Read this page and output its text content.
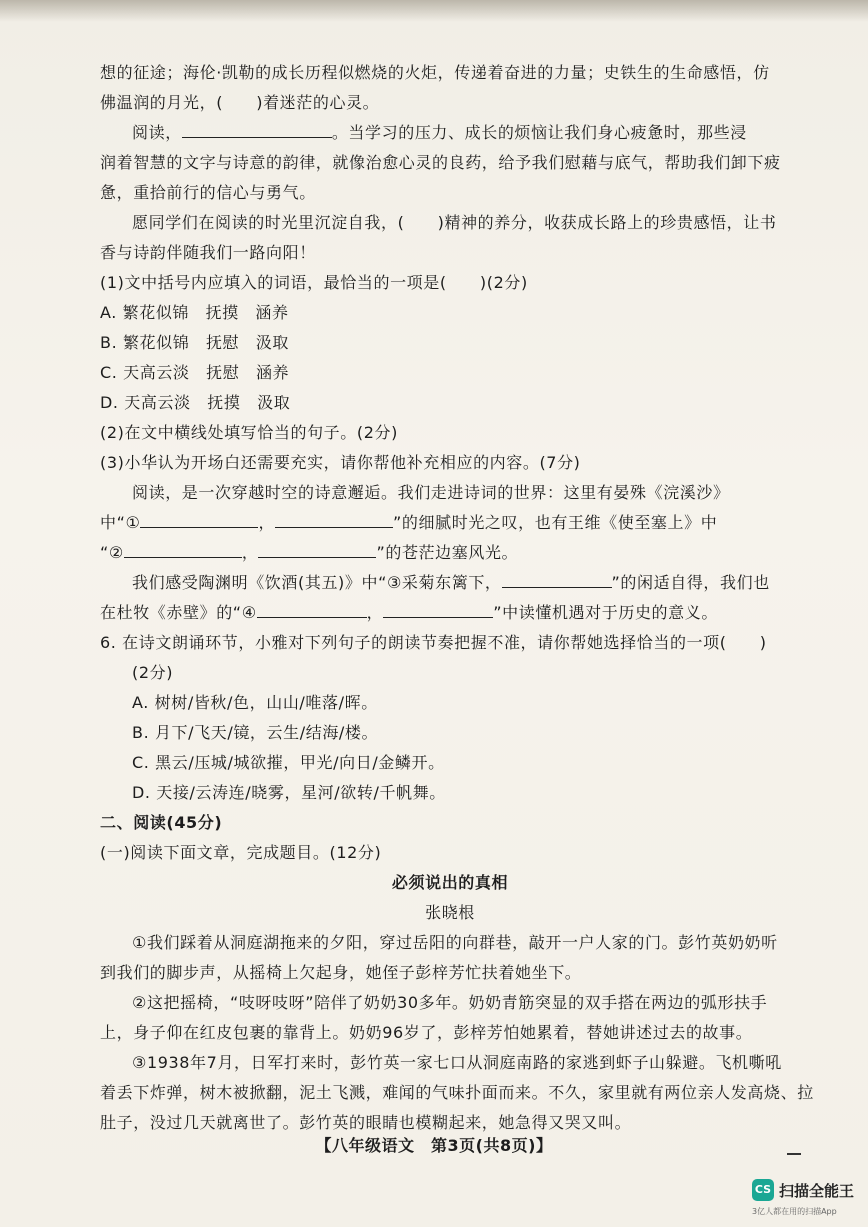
想的征途；海伦·凯勒的成长历程似燃烧的火炬，传递着奋进的力量；史铁生的生命感悟，仿
佛温润的月光，(　　)着迷茫的心灵。
阅读，	。当学习的压力、成长的烦恼让我们身心疲惫时，那些浸
润着智慧的文字与诗意的韵律，就像治愈心灵的良药，给予我们慰藉与底气，帮助我们卸下疲
惫，重拾前行的信心与勇气。
愿同学们在阅读的时光里沉淀自我，(　　)精神的养分，收获成长路上的珍贵感悟，让书
香与诗韵伴随我们一路向阳！
(1)文中括号内应填入的词语，最恰当的一项是(　　)(2分)
A. 繁花似锦　抚摸　涵养
B. 繁花似锦　抚慰　汲取
C. 天高云淡　抚慰　涵养
D. 天高云淡　抚摸　汲取
(2)在文中横线处填写恰当的句子。(2分)
(3)小华认为开场白还需要充实，请你帮他补充相应的内容。(7分)
阅读，是一次穿越时空的诗意邂逅。我们走进诗词的世界：这里有晏殊《浣溪沙》
中“①	，	”的细腻时光之叹，也有王维《使至塞上》中
“②	，	”的苍茫边塞风光。
我们感受陶渊明《饮酒(其五)》中“③采菊东篱下，	”的闲适自得，我们也
在杜牧《赤壁》的“④	，	”中读懂机遇对于历史的意义。
6. 在诗文朗诵环节，小雅对下列句子的朗读节奏把握不准，请你帮她选择恰当的一项(　　)
(2分)
A. 树树/皆秋/色，山山/唯落/晖。
B. 月下/飞天/镜，云生/结海/楼。
C. 黑云/压城/城欲摧，甲光/向日/金鳞开。
D. 天接/云涛连/晓雾，星河/欲转/千帆舞。
二、阅读(45分)
(一)阅读下面文章，完成题目。(12分)
必须说出的真相
张晓根
①我们踩着从洞庭湖拖来的夕阳，穿过岳阳的向群巷，敲开一户人家的门。彭竹英奶奶听
到我们的脚步声，从摇椅上欠起身，她侄子彭梓芳忙扶着她坐下。
②这把摇椅，“吱呀吱呀”陪伴了奶奶30多年。奶奶青筋突显的双手搭在两边的弧形扶手
上，身子仰在红皮包裹的靠背上。奶奶96岁了，彭梓芳怕她累着，替她讲述过去的故事。
③1938年7月，日军打来时，彭竹英一家七口从洞庭南路的家逃到虾子山躲避。飞机嘶吼
着丢下炸弹，树木被掀翻，泥土飞溅，难闻的气味扑面而来。不久，家里就有两位亲人发高烧、拉
肚子，没过几天就离世了。彭竹英的眼睛也模糊起来，她急得又哭又叫。
【八年级语文　第3页(共8页)】
CS 扫描全能王
3亿人都在用的扫描App
